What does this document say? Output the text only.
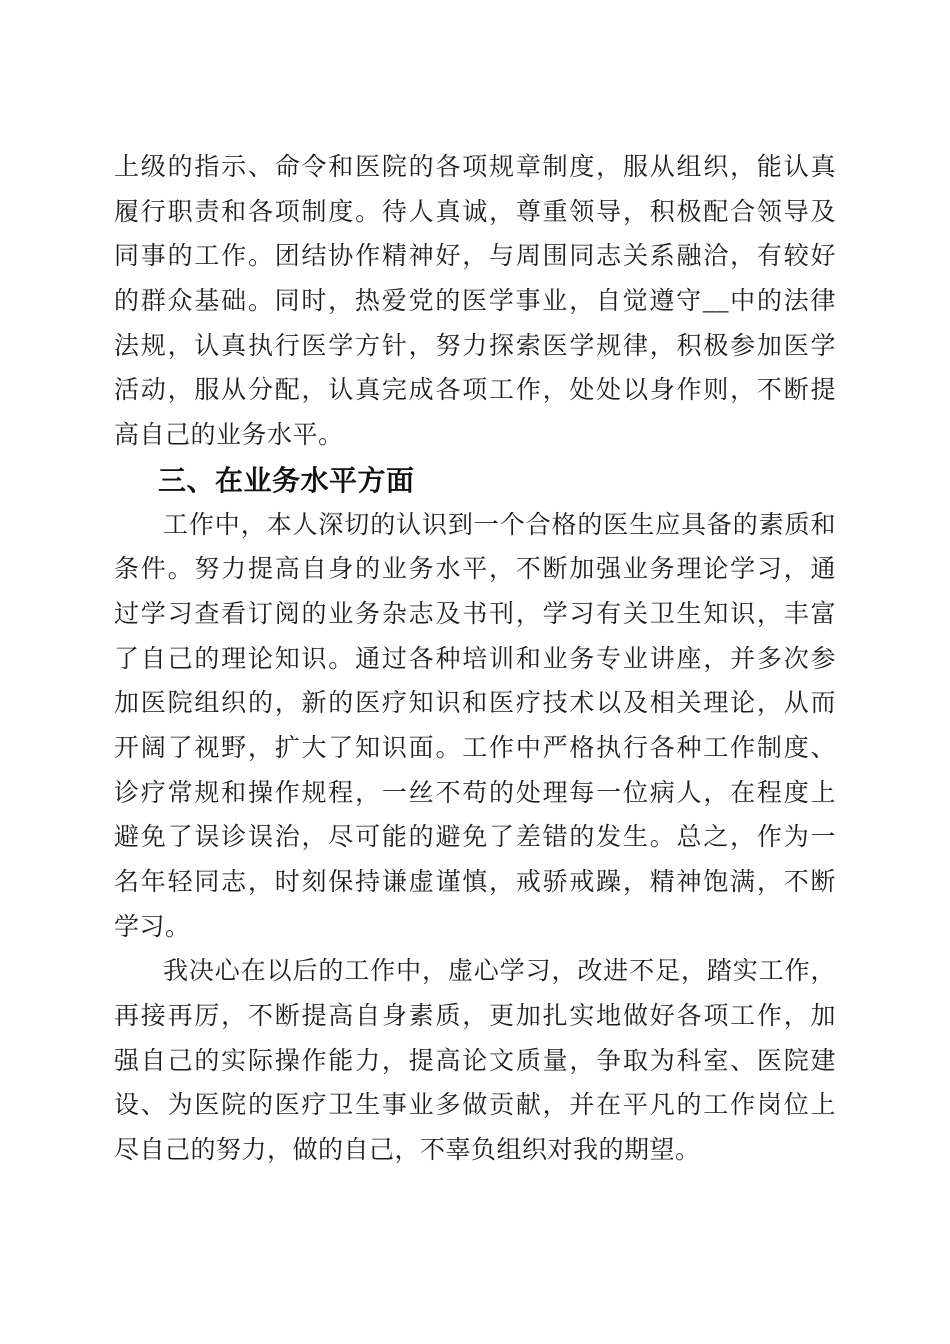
上级的指示、命令和医院的各项规章制度，服从组织，能认真
履行职责和各项制度。待人真诚，尊重领导，积极配合领导及
同事的工作。团结协作精神好，与周围同志关系融洽，有较好
的群众基础。同时，热爱党的医学事业，自觉遵守__中的法律
法规，认真执行医学方针，努力探索医学规律，积极参加医学
活动，服从分配，认真完成各项工作，处处以身作则，不断提
高自己的业务水平。
三、在业务水平方面
工作中，本人深切的认识到一个合格的医生应具备的素质和
条件。努力提高自身的业务水平，不断加强业务理论学习，通
过学习查看订阅的业务杂志及书刊，学习有关卫生知识，丰富
了自己的理论知识。通过各种培训和业务专业讲座，并多次参
加医院组织的，新的医疗知识和医疗技术以及相关理论，从而
开阔了视野，扩大了知识面。工作中严格执行各种工作制度、
诊疗常规和操作规程，一丝不苟的处理每一位病人，在程度上
避免了误诊误治，尽可能的避免了差错的发生。总之，作为一
名年轻同志，时刻保持谦虚谨慎，戒骄戒躁，精神饱满，不断
学习。
我决心在以后的工作中，虚心学习，改进不足，踏实工作，
再接再厉，不断提高自身素质，更加扎实地做好各项工作，加
强自己的实际操作能力，提高论文质量，争取为科室、医院建
设、为医院的医疗卫生事业多做贡献，并在平凡的工作岗位上
尽自己的努力，做的自己，不辜负组织对我的期望。
